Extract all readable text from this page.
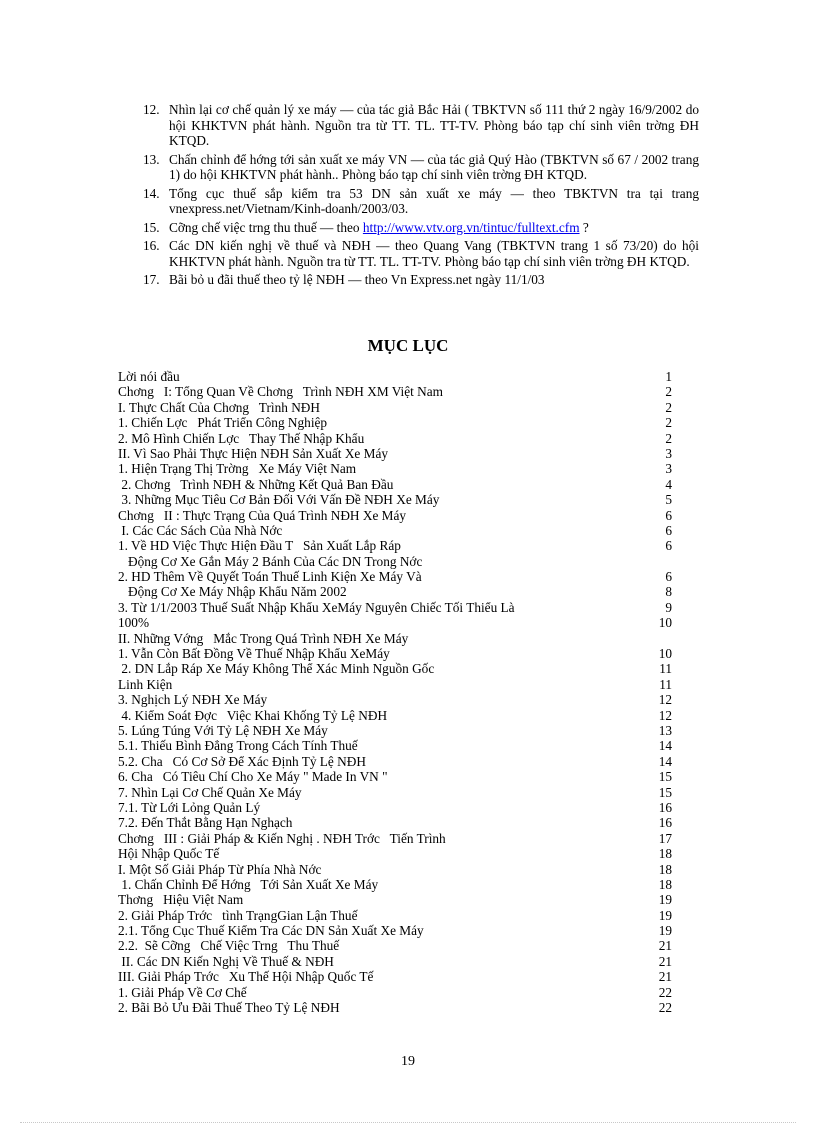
12. Nhìn lại cơ chế quản lý xe máy — của tác giả Bắc Hải ( TBKTVN số 111 thứ 2 ngày 16/9/2002 do hội KHKTVN phát hành. Nguồn tra từ TT. TL. TT-TV. Phòng báo tạp chí sinh viên trờng ĐH KTQD.
13. Chấn chỉnh để hớng tới sản xuất xe máy VN — của tác giả Quý Hào (TBKTVN số 67 / 2002 trang 1) do hội KHKTVN phát hành.. Phòng báo tạp chí sinh viên trờng ĐH KTQD.
14. Tổng cục thuế sắp kiểm tra 53 DN sản xuất xe máy — theo TBKTVN tra tại trang vnexpress.net/Vietnam/Kinh-doanh/2003/03.
15. Cỡng chế việc trng thu thuế — theo http://www.vtv.org.vn/tintuc/fulltext.cfm ?
16. Các DN kiến nghị về thuế và NĐH — theo Quang Vang (TBKTVN trang 1 số 73/20) do hội KHKTVN phát hành. Nguồn tra từ TT. TL. TT-TV. Phòng báo tạp chí sinh viên trờng ĐH KTQD.
17. Bãi bỏ u đãi thuế theo tỷ lệ NĐH — theo Vn Express.net ngày 11/1/03
MỤC LỤC
Lời nói đầu	1
Chơng   I: Tổng Quan Về Chơng   Trình NĐH XM Việt Nam	2
I. Thực Chất Của Chơng   Trình NĐH	2
1. Chiến Lợc   Phát Triển Công Nghiệp	2
2. Mô Hình Chiến Lợc   Thay Thế Nhập Khẩu	2
II. Vì Sao Phải Thực Hiện NĐH Sản Xuất Xe Máy	3
1. Hiện Trạng Thị Trờng   Xe Máy Việt Nam	3
2. Chơng   Trình NĐH & Những Kết Quả Ban Đầu	4
3. Những Mục Tiêu Cơ Bản Đối Với Vấn Đề NĐH Xe Máy	5
Chơng   II : Thực Trạng Của Quá Trình NĐH Xe Máy	6
I. Các Các Sách Của Nhà Nớc	6
1. Về HD Việc Thực Hiện Đầu T   Sản Xuất Lắp Ráp	6
Động Cơ Xe Gắn Máy 2 Bánh Của Các DN Trong Nớc
2. HD Thêm Về Quyết Toán Thuế Linh Kiện Xe Máy Và	6
Động Cơ Xe Máy Nhập Khẩu Năm 2002	8
3. Từ 1/1/2003 Thuế Suất Nhập Khẩu XeMáy Nguyên Chiếc Tối Thiểu Là	9
100%	10
II. Những Vớng   Mắc Trong Quá Trình NĐH Xe Máy
1. Vẫn Còn Bất Đồng Về Thuế Nhập Khẩu XeMáy	10
2. DN Lắp Ráp Xe Máy Không Thể Xác Minh Nguồn Gốc	11
Linh Kiện	11
3. Nghịch Lý NĐH Xe Máy	12
4. Kiểm Soát Đợc   Việc Khai Khống Tỷ Lệ NĐH	12
5. Lúng Túng Với Tỷ Lệ NĐH Xe Máy	13
5.1. Thiếu Bình Đẳng Trong Cách Tính Thuế	14
5.2. Cha   Có Cơ Sở Để Xác Định Tỷ Lệ NĐH	14
6. Cha   Có Tiêu Chí Cho Xe Máy " Made In VN "	15
7. Nhìn Lại Cơ Chế Quản Xe Máy	15
7.1. Từ Lới Lỏng Quản Lý	16
7.2. Đến Thắt Bằng Hạn Nghạch	16
Chơng   III : Giải Pháp & Kiến Nghị . NĐH Trớc   Tiến Trình	17
Hội Nhập Quốc Tế	18
I. Một Số Giải Pháp Từ Phía Nhà Nớc	18
1. Chấn Chỉnh Để Hớng   Tới Sản Xuất Xe Máy	18
Thơng   Hiệu Việt Nam	19
2. Giải Pháp Trớc   tình TrạngGian Lận Thuế	19
2.1. Tổng Cục Thuế Kiểm Tra Các DN Sản Xuất Xe Máy	19
2.2.  Sẽ Cỡng   Chế Việc Trng   Thu Thuế	21
II. Các DN Kiến Nghị Về Thuế & NĐH	21
III. Giải Pháp Trớc   Xu Thế Hội Nhập Quốc Tế	21
1. Giải Pháp Về Cơ Chế	22
2. Bãi Bỏ Ưu Đãi Thuế Theo Tỷ Lệ NĐH	22
19
